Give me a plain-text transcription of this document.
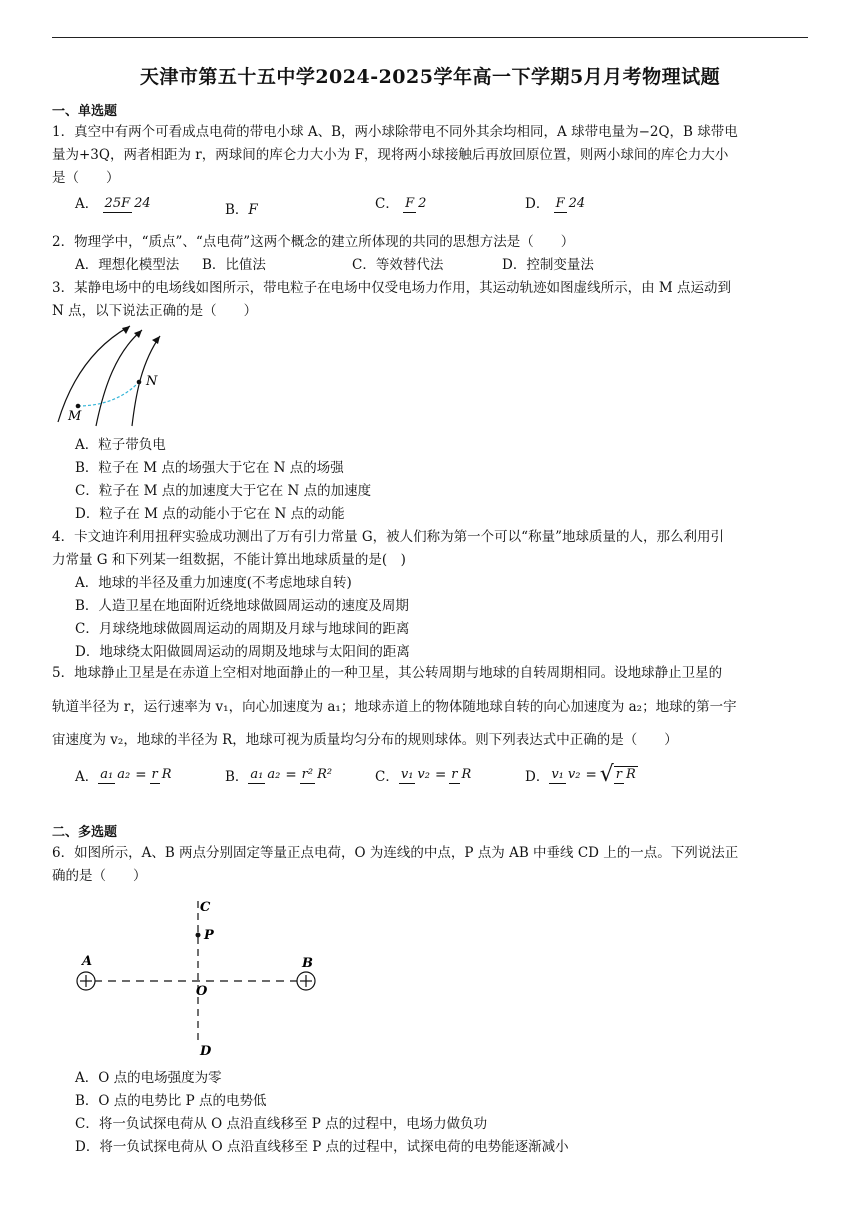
天津市第五十五中学2024-2025学年高一下学期5月月考物理试题
一、单选题
1．真空中有两个可看成点电荷的带电小球 A、B，两小球除带电不同外其余均相同，A 球带电量为−2Q，B 球带电
量为+3Q，两者相距为 r，两球间的库仑力大小为 F，现将两小球接触后再放回原位置，则两小球间的库仑力大小
是（　　）
A． 25F 24	B．F	C． F 2	D． F 24
2．物理学中，“质点”、“点电荷”这两个概念的建立所体现的共同的思想方法是（　　）
A．理想化模型法	B．比值法	C．等效替代法	D．控制变量法
3．某静电场中的电场线如图所示，带电粒子在电场中仅受电场力作用，其运动轨迹如图虚线所示，由 M 点运动到
N 点，以下说法正确的是（　　）
M
N
A．粒子带负电
B．粒子在 M 点的场强大于它在 N 点的场强
C．粒子在 M 点的加速度大于它在 N 点的加速度
D．粒子在 M 点的动能小于它在 N 点的动能
4．卡文迪许利用扭秤实验成功测出了万有引力常量 G，被人们称为第一个可以“称量”地球质量的人，那么利用引
力常量 G 和下列某一组数据，不能计算出地球质量的是(　)
A．地球的半径及重力加速度(不考虑地球自转)
B．人造卫星在地面附近绕地球做圆周运动的速度及周期
C．月球绕地球做圆周运动的周期及月球与地球间的距离
D．地球绕太阳做圆周运动的周期及地球与太阳间的距离
5．地球静止卫星是在赤道上空相对地面静止的一种卫星，其公转周期与地球的自转周期相同。设地球静止卫星的
轨道半径为 r，运行速率为 v₁，向心加速度为 a₁；地球赤道上的物体随地球自转的向心加速度为 a₂；地球的第一宇
宙速度为 v₂，地球的半径为 R，地球可视为质量均匀分布的规则球体。则下列表达式中正确的是（　　）
A． a₁ a₂ = r R	B． a₁ a₂ = r² R²	C． v₁ v₂ = r R	D． v₁ v₂ = √ r R
二、多选题
6．如图所示，A、B 两点分别固定等量正点电荷，O 为连线的中点，P 点为 AB 中垂线 CD 上的一点。下列说法正
确的是（　　）
A	B
C
D
O
P
A．O 点的电场强度为零
B．O 点的电势比 P 点的电势低
C．将一负试探电荷从 O 点沿直线移至 P 点的过程中，电场力做负功
D．将一负试探电荷从 O 点沿直线移至 P 点的过程中，试探电荷的电势能逐渐减小
